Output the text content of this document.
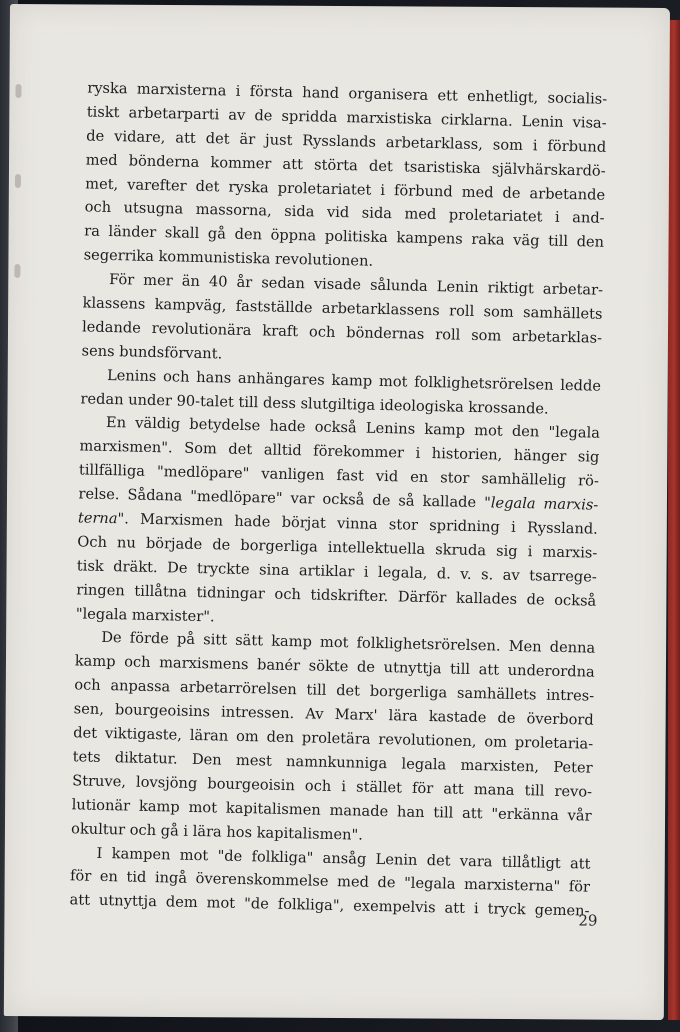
ryska marxisterna i första hand organisera ett enhetligt, socialis-
tiskt arbetarparti av de spridda marxistiska cirklarna. Lenin visa-
de vidare, att det är just Rysslands arbetarklass, som i förbund
med bönderna kommer att störta det tsaristiska självhärskardö-
met, varefter det ryska proletariatet i förbund med de arbetande
och utsugna massorna, sida vid sida med proletariatet i and-
ra länder skall gå den öppna politiska kampens raka väg till den
segerrika kommunistiska revolutionen.
För mer än 40 år sedan visade sålunda Lenin riktigt arbetar-
klassens kampväg, fastställde arbetarklassens roll som samhällets
ledande revolutionära kraft och böndernas roll som arbetarklas-
sens bundsförvant.
Lenins och hans anhängares kamp mot folklighetsrörelsen ledde
redan under 90-talet till dess slutgiltiga ideologiska krossande.
En väldig betydelse hade också Lenins kamp mot den "legala
marxismen". Som det alltid förekommer i historien, hänger sig
tillfälliga "medlöpare" vanligen fast vid en stor samhällelig rö-
relse. Sådana "medlöpare" var också de så kallade "legala marxis-
terna". Marxismen hade börjat vinna stor spridning i Ryssland.
Och nu började de borgerliga intellektuella skruda sig i marxis-
tisk dräkt. De tryckte sina artiklar i legala, d. v. s. av tsarrege-
ringen tillåtna tidningar och tidskrifter. Därför kallades de också
"legala marxister".
De förde på sitt sätt kamp mot folklighetsrörelsen. Men denna
kamp och marxismens banér sökte de utnyttja till att underordna
och anpassa arbetarrörelsen till det borgerliga samhällets intres-
sen, bourgeoisins intressen. Av Marx' lära kastade de överbord
det viktigaste, läran om den proletära revolutionen, om proletaria-
tets diktatur. Den mest namnkunniga legala marxisten, Peter
Struve, lovsjöng bourgeoisin och i stället för att mana till revo-
lutionär kamp mot kapitalismen manade han till att "erkänna vår
okultur och gå i lära hos kapitalismen".
I kampen mot "de folkliga" ansåg Lenin det vara tillåtligt att
för en tid ingå överenskommelse med de "legala marxisterna" för
att utnyttja dem mot "de folkliga", exempelvis att i tryck gemen-
29
